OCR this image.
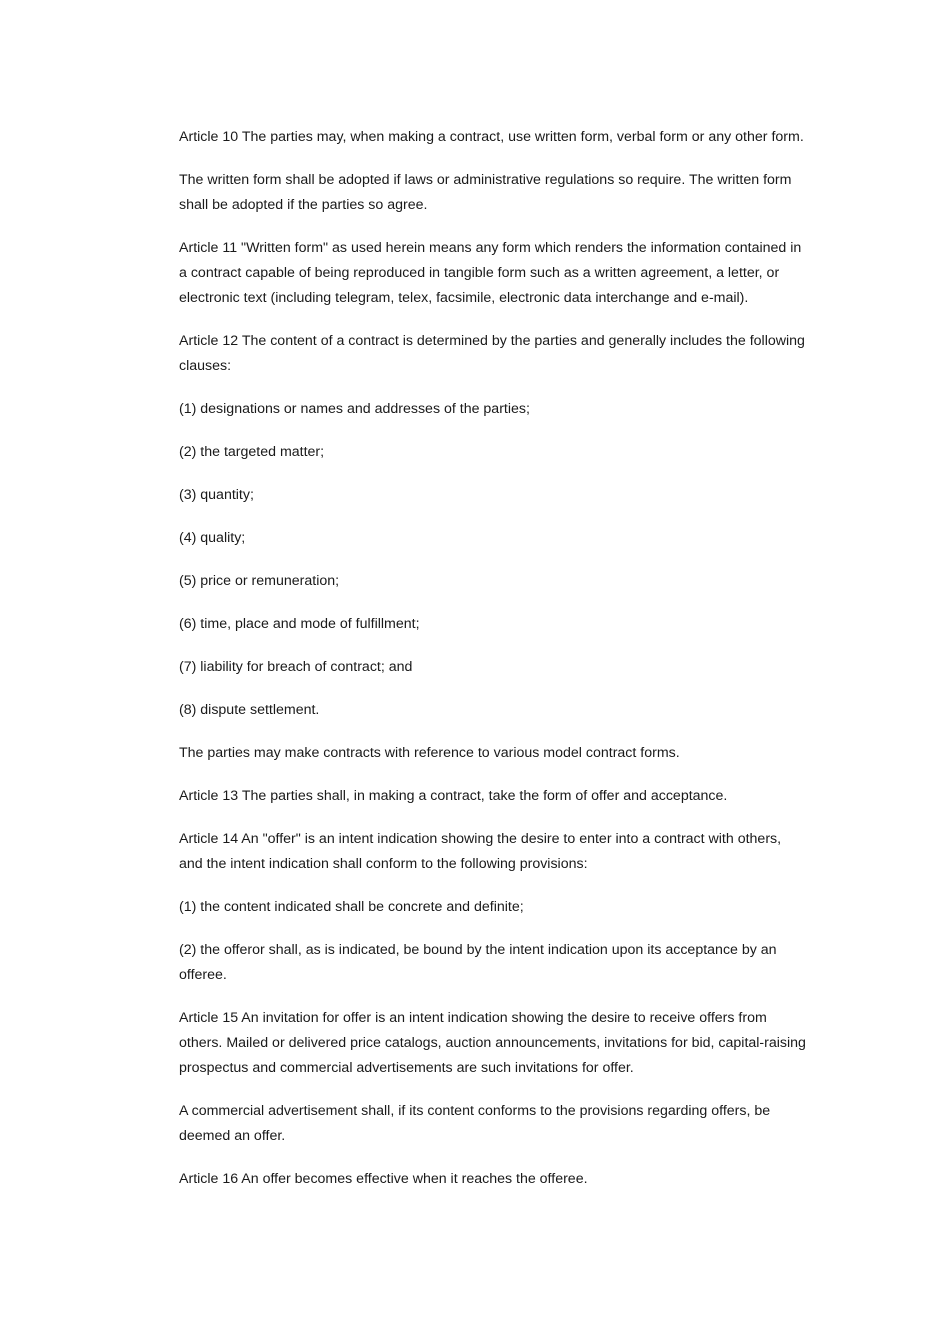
Article 10 The parties may, when making a contract, use written form, verbal form or any other form.

The written form shall be adopted if laws or administrative regulations so require. The written form shall be adopted if the parties so agree.

Article 11 "Written form" as used herein means any form which renders the information contained in a contract capable of being reproduced in tangible form such as a written agreement, a letter, or electronic text (including telegram, telex, facsimile, electronic data interchange and e-mail).

Article 12 The content of a contract is determined by the parties and generally includes the following clauses:

(1) designations or names and addresses of the parties;

(2) the targeted matter;

(3) quantity;

(4) quality;

(5) price or remuneration;

(6) time, place and mode of fulfillment;

(7) liability for breach of contract; and

(8) dispute settlement.

The parties may make contracts with reference to various model contract forms.

Article 13 The parties shall, in making a contract, take the form of offer and acceptance.

Article 14 An "offer" is an intent indication showing the desire to enter into a contract with others, and the intent indication shall conform to the following provisions:

(1) the content indicated shall be concrete and definite;

(2) the offeror shall, as is indicated, be bound by the intent indication upon its acceptance by an offeree.

Article 15 An invitation for offer is an intent indication showing the desire to receive offers from others. Mailed or delivered price catalogs, auction announcements, invitations for bid, capital-raising prospectus and commercial advertisements are such invitations for offer.

A commercial advertisement shall, if its content conforms to the provisions regarding offers, be deemed an offer.

Article 16 An offer becomes effective when it reaches the offeree.
